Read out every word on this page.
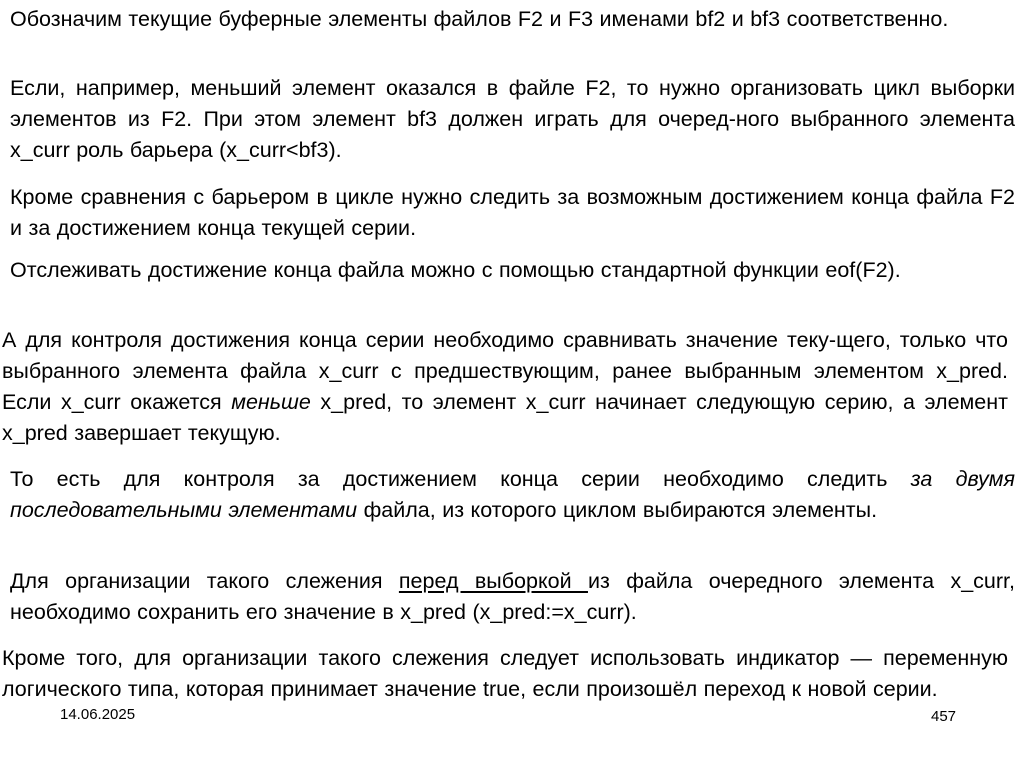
Обозначим текущие буферные элементы файлов F2 и F3 именами bf2 и bf3 соответственно.

Если, например, меньший элемент оказался в файле F2, то нужно организовать цикл выборки элементов из F2. При этом элемент bf3 должен играть для очеред-ного выбранного элемента x_curr роль барьера (x_curr<bf3).

Кроме сравнения с барьером в цикле нужно следить за возможным достижением конца файла F2 и за достижением конца текущей серии.

Отслеживать достижение конца файла можно с помощью стандартной функции eof(F2).

А для контроля достижения конца серии необходимо сравнивать значение теку-щего, только что выбранного элемента файла x_curr с предшествующим, ранее выбранным элементом x_pred. Если x_curr окажется меньше x_pred, то элемент x_curr начинает следующую серию, а элемент x_pred завершает текущую.

То есть для контроля за достижением конца серии необходимо следить за двумя последовательными элементами файла, из которого циклом выбираются элементы.

Для организации такого слежения перед выборкой из файла очередного элемента x_curr, необходимо сохранить его значение в x_pred (x_pred:=x_curr).

Кроме того, для организации такого слежения следует использовать индикатор — переменную логического типа, которая принимает значение true, если произошёл переход к новой серии.

14.06.2025	457
